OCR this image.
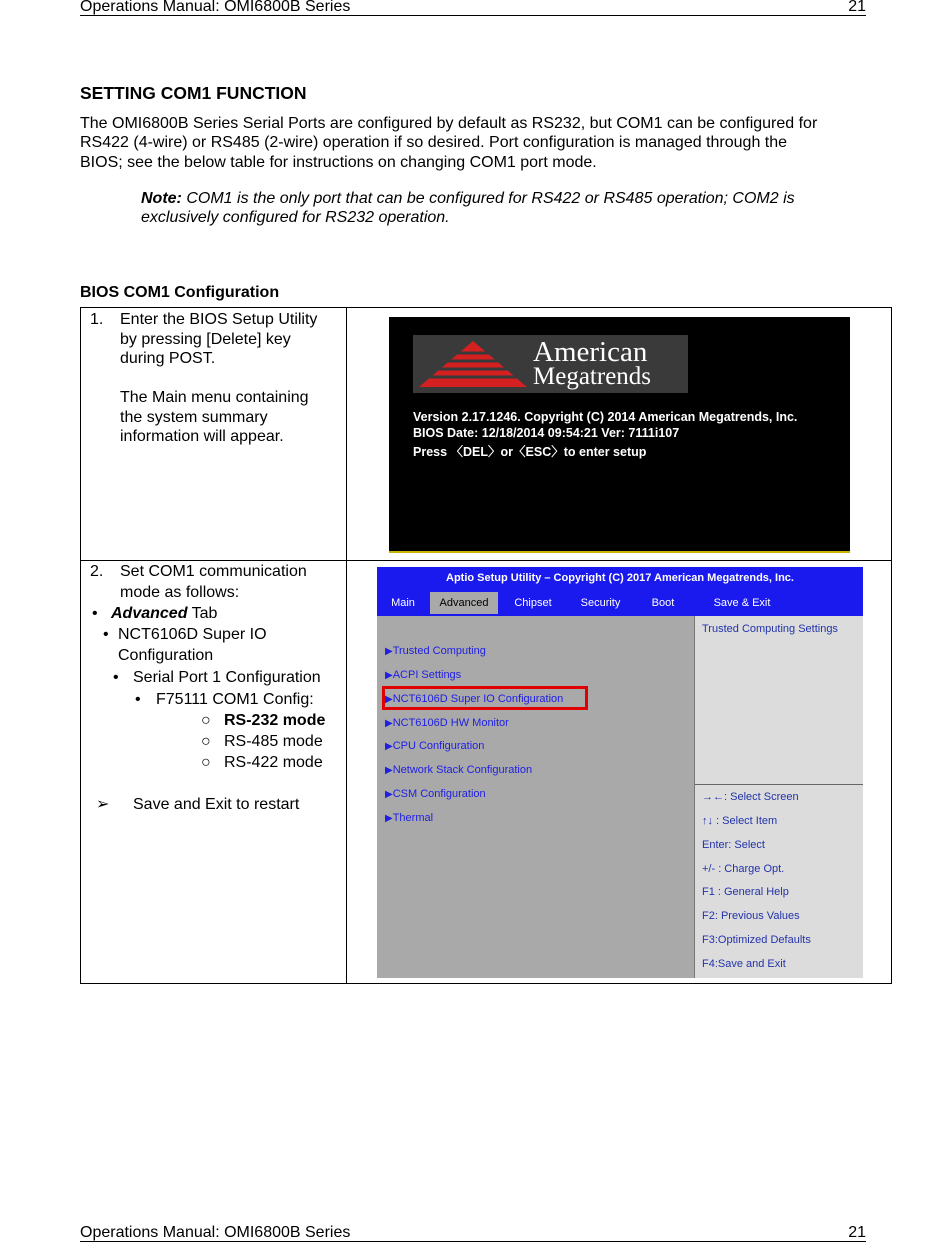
Operations Manual: OMI6800B Series	21
SETTING COM1 FUNCTION
The OMI6800B Series Serial Ports are configured by default as RS232, but COM1 can be configured for
RS422 (4-wire) or RS485 (2-wire) operation if so desired. Port configuration is managed through the
BIOS; see the below table for instructions on changing COM1 port mode.
Note: COM1 is the only port that can be configured for RS422 or RS485 operation; COM2 is
exclusively configured for RS232 operation.
BIOS COM1 Configuration
1. Enter the BIOS Setup Utility
by pressing [Delete] key
during POST.
The Main menu containing
the system summary
information will appear.
American
Megatrends
Version 2.17.1246. Copyright (C) 2014 American Megatrends, Inc.
BIOS Date: 12/18/2014 09:54:21 Ver: 7111i107
Press 〈DEL〉or〈ESC〉to enter setup
2. Set COM1 communication
mode as follows:
• Advanced Tab
• NCT6106D Super IO
Configuration
• Serial Port 1 Configuration
• F75111 COM1 Config:
○ RS-232 mode
○ RS-485 mode
○ RS-422 mode
➢ Save and Exit to restart
Aptio Setup Utility – Copyright (C) 2017 American Megatrends, Inc.
Main	Advanced	Chipset	Security	Boot	Save & Exit
▶Trusted Computing
▶ACPI Settings
▶NCT6106D Super IO Configuration
▶NCT6106D HW Monitor
▶CPU Configuration
▶Network Stack Configuration
▶CSM Configuration
▶Thermal
Trusted Computing Settings
→←: Select Screen
↑↓ : Select Item
Enter: Select
+/- : Charge Opt.
F1 : General Help
F2: Previous Values
F3:Optimized Defaults
F4:Save and Exit
Operations Manual: OMI6800B Series	21
